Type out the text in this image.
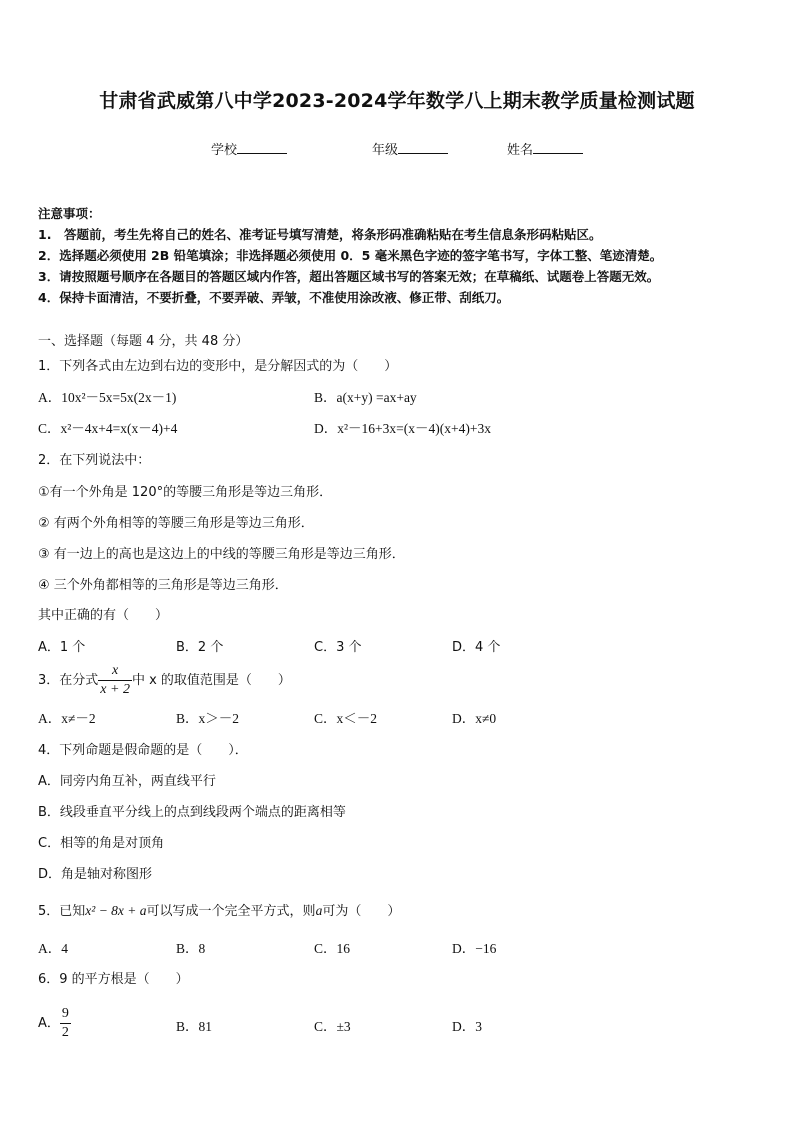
甘肃省武威第八中学2023-2024学年数学八上期末教学质量检测试题
学校	年级	姓名
注意事项：
1.　答题前，考生先将自己的姓名、准考证号填写清楚，将条形码准确粘贴在考生信息条形码粘贴区。
2．选择题必须使用 2B 铅笔填涂；非选择题必须使用 0．5 毫米黑色字迹的签字笔书写，字体工整、笔迹清楚。
3．请按照题号顺序在各题目的答题区域内作答，超出答题区域书写的答案无效；在草稿纸、试题卷上答题无效。
4．保持卡面清洁，不要折叠，不要弄破、弄皱，不准使用涂改液、修正带、刮纸刀。
一、选择题（每题 4 分，共 48 分）
1．下列各式由左边到右边的变形中，是分解因式的为（　　）
A．10x²－5x=5x(2x－1)	B．a(x+y) =ax+ay
C．x²－4x+4=x(x－4)+4	D．x²－16+3x=(x－4)(x+4)+3x
2．在下列说法中：
①有一个外角是 120°的等腰三角形是等边三角形．
② 有两个外角相等的等腰三角形是等边三角形．
③ 有一边上的高也是这边上的中线的等腰三角形是等边三角形．
④ 三个外角都相等的三角形是等边三角形．
其中正确的有（　　）
A．1 个	B．2 个	C．3 个	D．4 个
3．在分式 $\frac{x}{x + 2}$ 中 x 的取值范围是（　　）
A．x≠－2	B．x＞－2	C．x＜－2	D．x≠0
4．下列命题是假命题的是（　　）．
A．同旁内角互补，两直线平行
B．线段垂直平分线上的点到线段两个端点的距离相等
C．相等的角是对顶角
D．角是轴对称图形
5．已知x² − 8x + a可以写成一个完全平方式，则a可为（　　）
A．4	B．8	C．16	D．−16
6．9 的平方根是（　　）
A． $\frac{9}{2}$	B．81	C．±3	D．3
